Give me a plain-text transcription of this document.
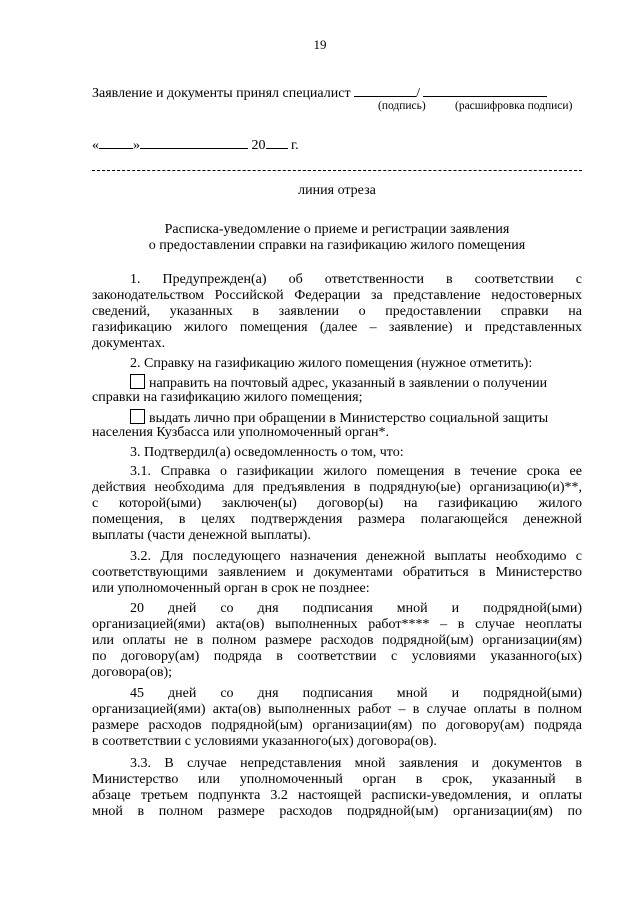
19
Заявление и документы принял специалист	/
(подпись)	(расшифровка подписи)
« »	20 г.
линия отреза
Расписка-уведомление о приеме и регистрации заявления
о предоставлении справки на газификацию жилого помещения
1. Предупрежден(а) об ответственности в соответствии с
законодательством Российской Федерации за представление недостоверных
сведений, указанных в заявлении о предоставлении справки на
газификацию жилого помещения (далее – заявление) и представленных
документах.
2. Справку на газификацию жилого помещения (нужное отметить):
направить на почтовый адрес, указанный в заявлении о получении
справки на газификацию жилого помещения;
выдать лично при обращении в Министерство социальной защиты
населения Кузбасса или уполномоченный орган*.
3. Подтвердил(а) осведомленность о том, что:
3.1. Справка о газификации жилого помещения в течение срока ее
действия необходима для предъявления в подрядную(ые) организацию(и)**,
с которой(ыми) заключен(ы) договор(ы) на газификацию жилого
помещения, в целях подтверждения размера полагающейся денежной
выплаты (части денежной выплаты).
3.2. Для последующего назначения денежной выплаты необходимо с
соответствующими заявлением и документами обратиться в Министерство
или уполномоченный орган в срок не позднее:
20 дней со дня подписания мной и подрядной(ыми)
организацией(ями) акта(ов) выполненных работ**** – в случае неоплаты
или оплаты не в полном размере расходов подрядной(ым) организации(ям)
по договору(ам) подряда в соответствии с условиями указанного(ых)
договора(ов);
45 дней со дня подписания мной и подрядной(ыми)
организацией(ями) акта(ов) выполненных работ – в случае оплаты в полном
размере расходов подрядной(ым) организации(ям) по договору(ам) подряда
в соответствии с условиями указанного(ых) договора(ов).
3.3. В случае непредставления мной заявления и документов в
Министерство или уполномоченный орган в срок, указанный в
абзаце третьем подпункта 3.2 настоящей расписки-уведомления, и оплаты
мной в полном размере расходов подрядной(ым) организации(ям) по
